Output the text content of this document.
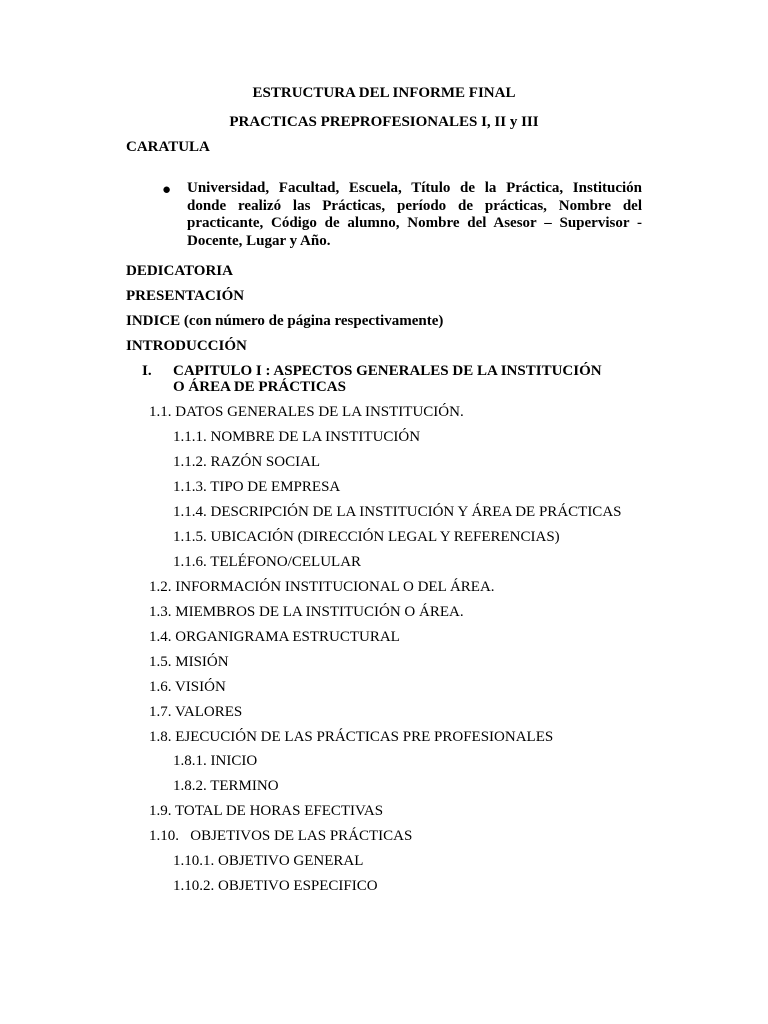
ESTRUCTURA DEL INFORME FINAL
PRACTICAS PREPROFESIONALES I, II y III
CARATULA
● Universidad, Facultad, Escuela, Título de la Práctica, Institución donde realizó las Prácticas, período de prácticas, Nombre del practicante, Código de alumno, Nombre del Asesor – Supervisor - Docente, Lugar y Año.
DEDICATORIA
PRESENTACIÓN
INDICE (con número de página respectivamente)
INTRODUCCIÓN
I. CAPITULO I : ASPECTOS GENERALES DE LA INSTITUCIÓN
O ÁREA DE PRÁCTICAS
1.1. DATOS GENERALES DE LA INSTITUCIÓN.
1.1.1. NOMBRE DE LA INSTITUCIÓN
1.1.2. RAZÓN SOCIAL
1.1.3. TIPO DE EMPRESA
1.1.4. DESCRIPCIÓN DE LA INSTITUCIÓN Y ÁREA DE PRÁCTICAS
1.1.5. UBICACIÓN (DIRECCIÓN LEGAL Y REFERENCIAS)
1.1.6. TELÉFONO/CELULAR
1.2. INFORMACIÓN INSTITUCIONAL O DEL ÁREA.
1.3. MIEMBROS DE LA INSTITUCIÓN O ÁREA.
1.4. ORGANIGRAMA ESTRUCTURAL
1.5. MISIÓN
1.6. VISIÓN
1.7. VALORES
1.8. EJECUCIÓN DE LAS PRÁCTICAS PRE PROFESIONALES
1.8.1. INICIO
1.8.2. TERMINO
1.9. TOTAL DE HORAS EFECTIVAS
1.10.   OBJETIVOS DE LAS PRÁCTICAS
1.10.1. OBJETIVO GENERAL
1.10.2. OBJETIVO ESPECIFICO
